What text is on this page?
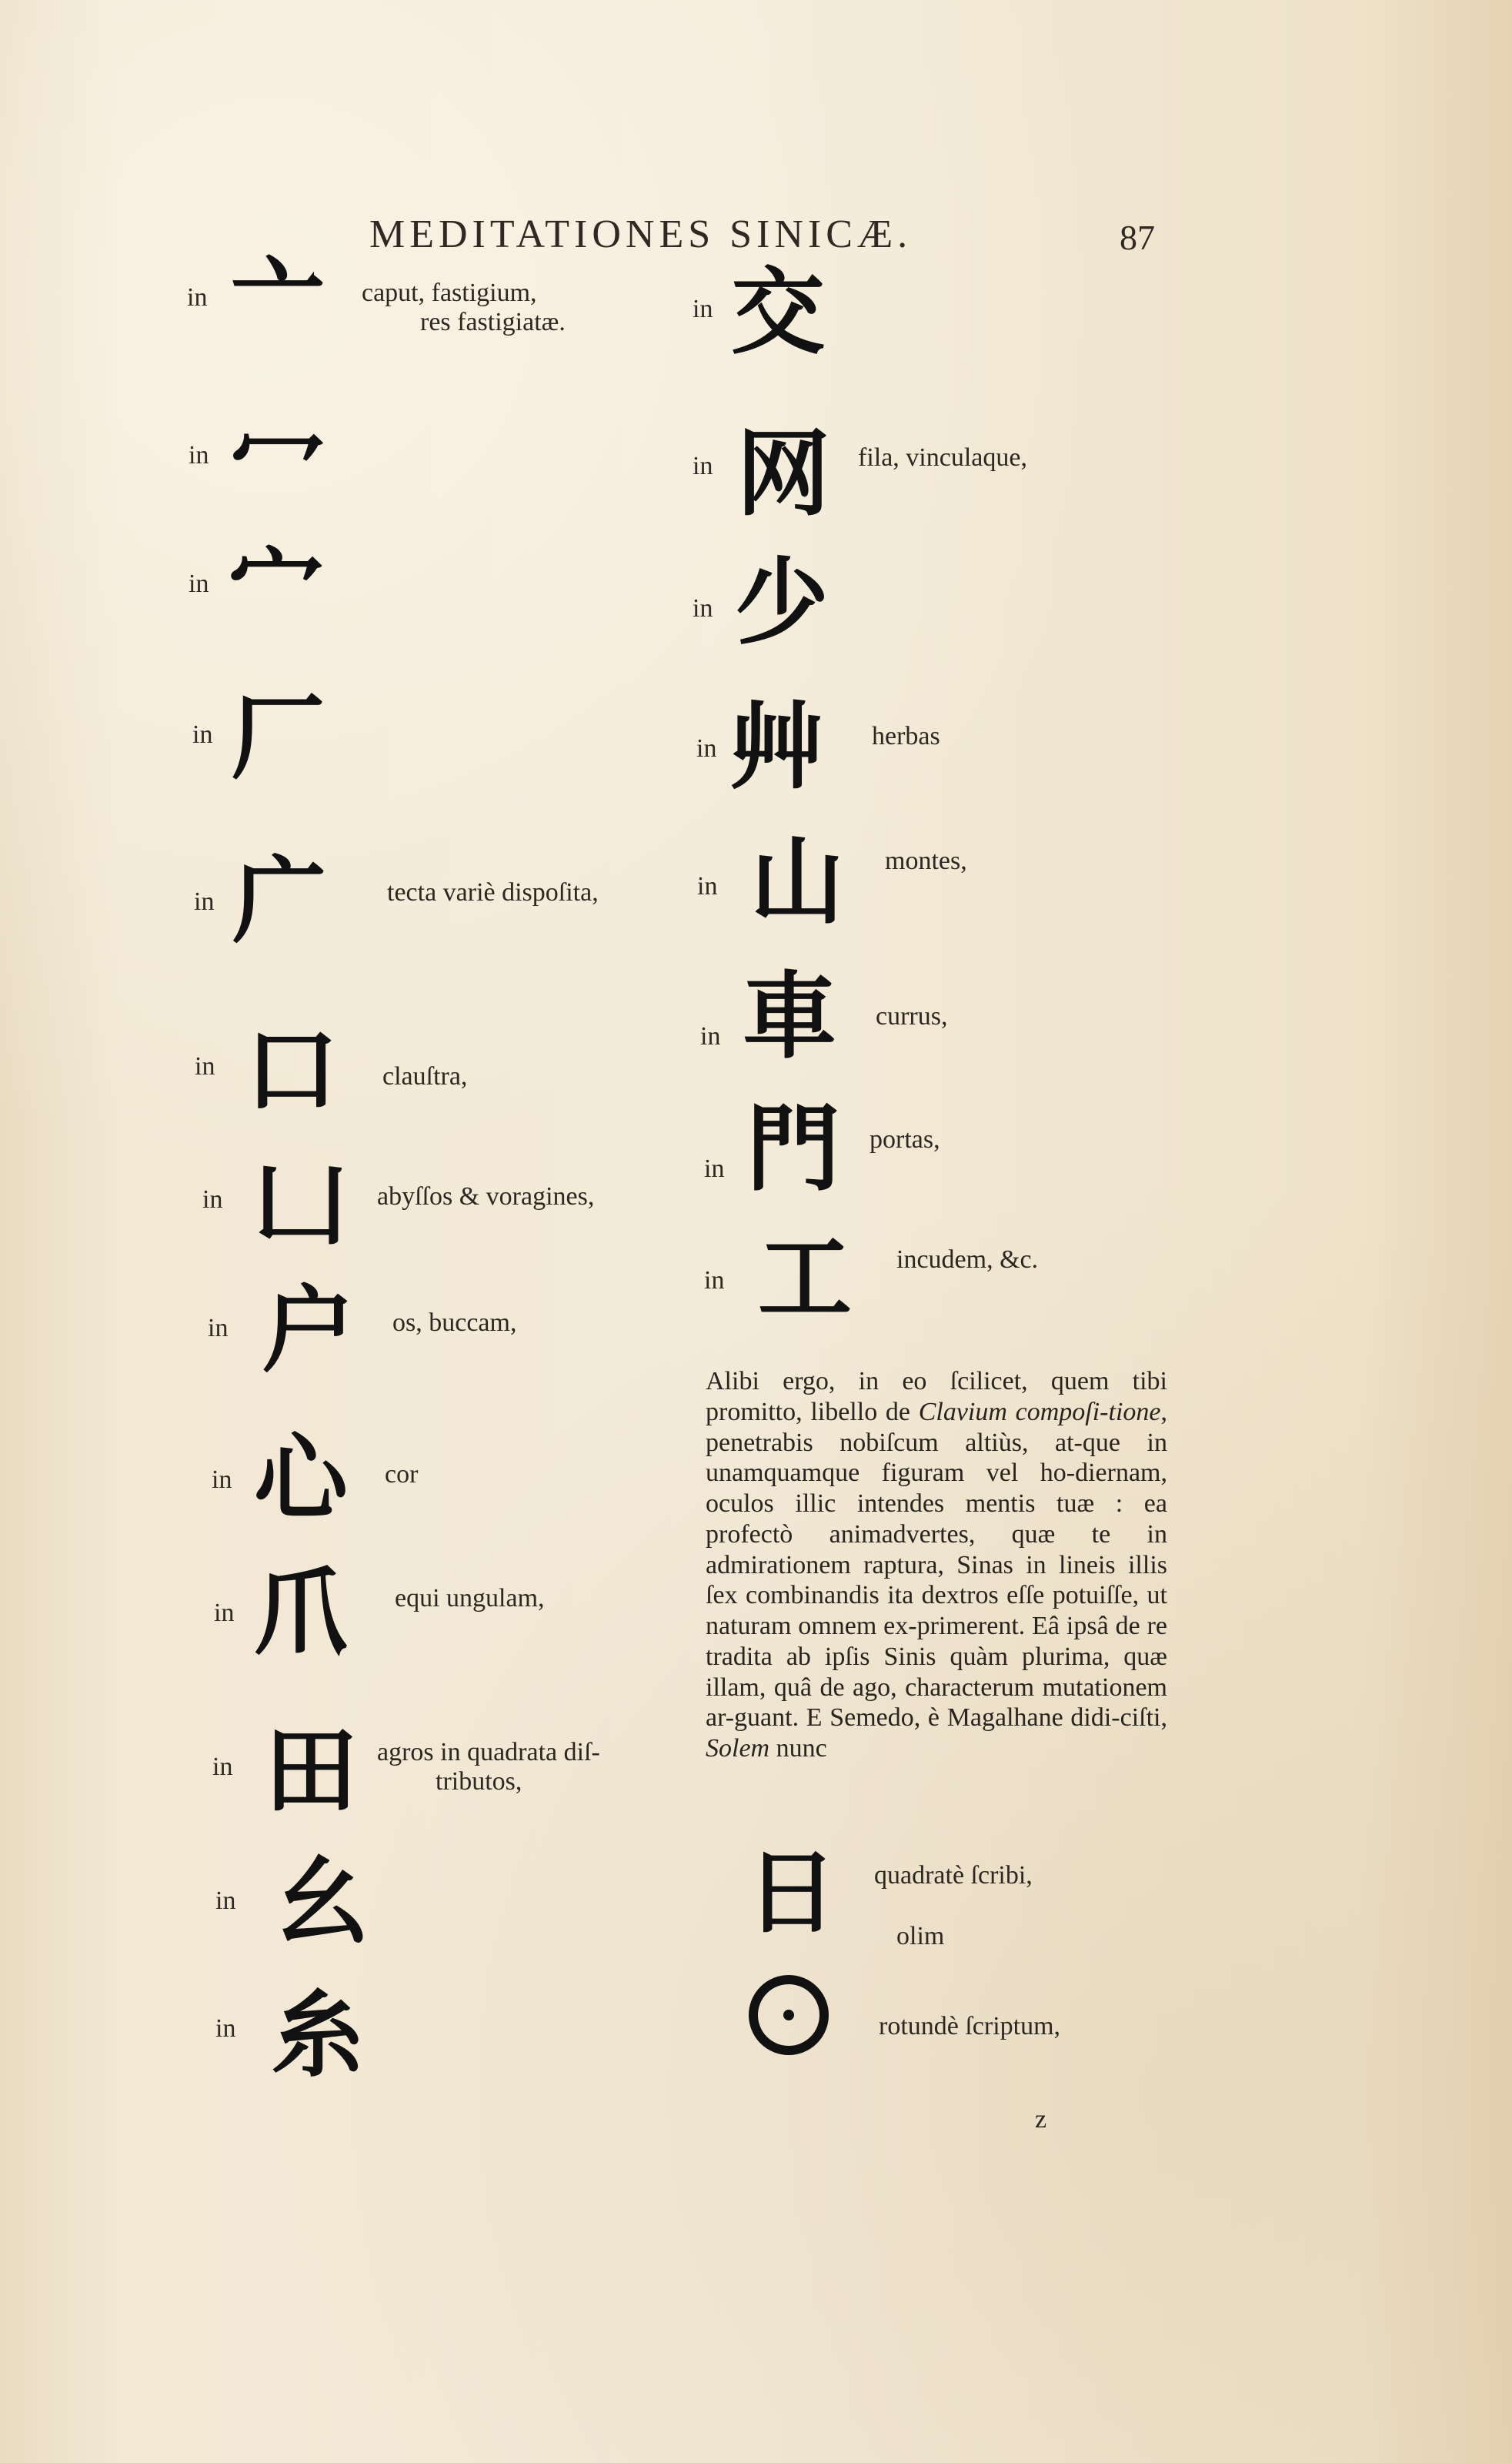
MEDITATIONES SINICÆ.	87
in 亠 caput, fastigium,
res fastigiatæ.
in 冖
in 宀
in 厂
in 广 tecta variè dispoſita,
in 口 clauſtra,
in 凵 abyſſos & voragines,
in 户 os, buccam,
in 心 cor
in 爪 equi ungulam,
in 田 agros in quadrata diſ-
tributos,
in 幺
in 糸
in 交
in 网 fila, vinculaque,
in 少
in 艸 herbas
in 山 montes,
in 車 currus,
in 門 portas,
in 工 incudem, &c.
Alibi ergo, in eo ſcilicet, quem tibi promitto, libello de Clavium compoſi-tione, penetrabis nobiſcum altiùs, at-que in unamquamque figuram vel ho-diernam, oculos illic intendes mentis tuæ : ea profectò animadvertes, quæ te in admirationem raptura, Sinas in lineis illis ſex combinandis ita dextros eſſe potuiſſe, ut naturam omnem ex-primerent. Eâ ipsâ de re tradita ab ipſis Sinis quàm plurima, quæ illam, quâ de ago, characterum mutationem ar-guant. E Semedo, è Magalhane didi-ciſti, Solem nunc
日 quadratè ſcribi,
olim
rotundè ſcriptum,
z
